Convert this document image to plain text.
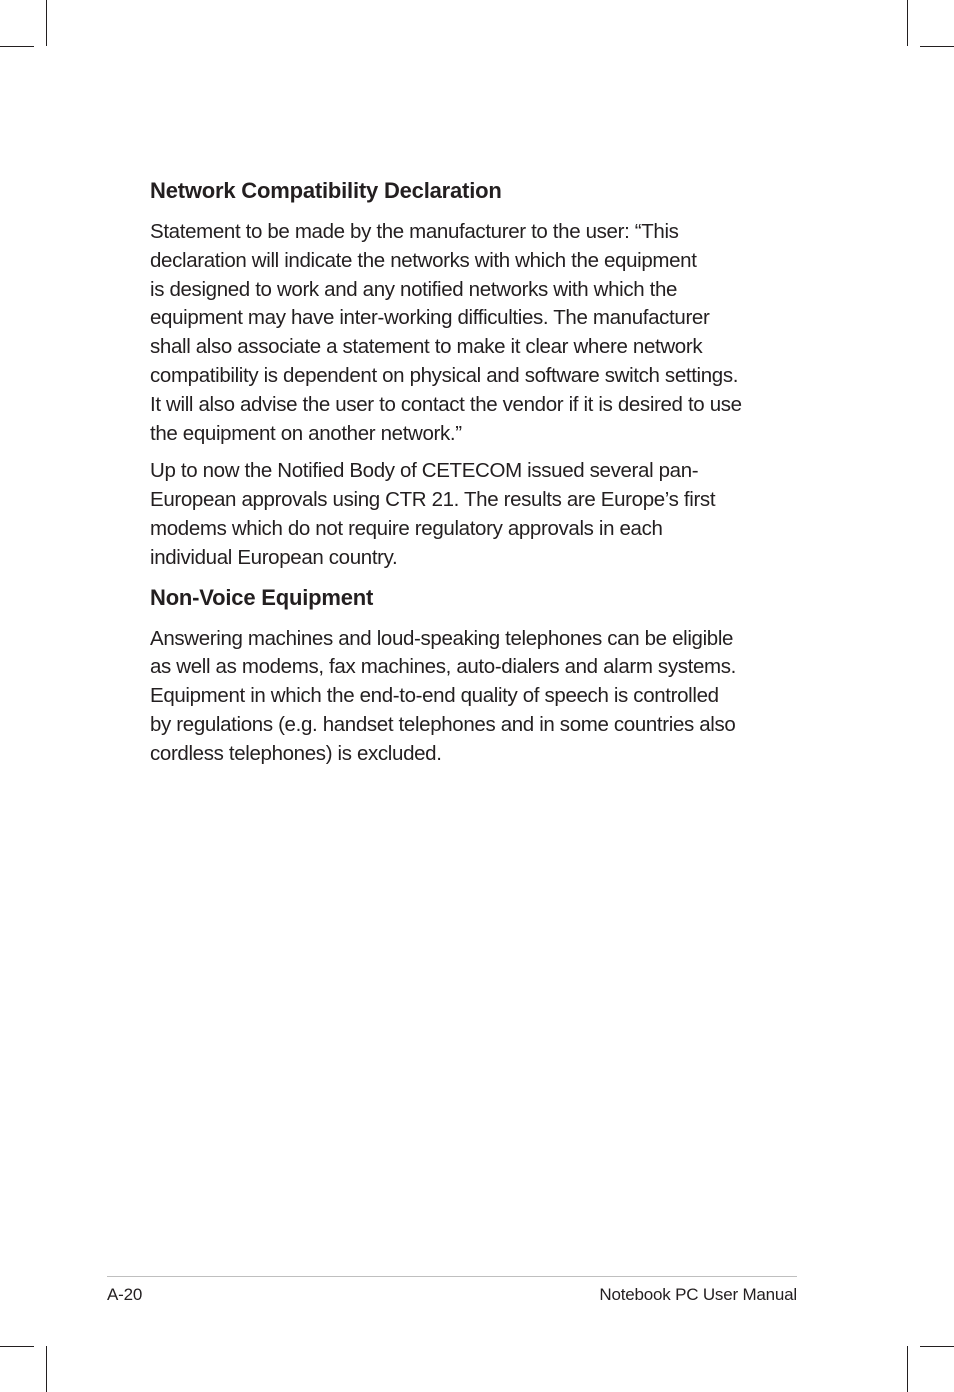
Network Compatibility Declaration

Statement to be made by the manufacturer to the user: “This
declaration will indicate the networks with which the equipment
is designed to work and any notified networks with which the
equipment may have inter-working difficulties. The manufacturer
shall also associate a statement to make it clear where network
compatibility is dependent on physical and software switch settings.
It will also advise the user to contact the vendor if it is desired to use
the equipment on another network.”

Up to now the Notified Body of CETECOM issued several pan-
European approvals using CTR 21. The results are Europe’s first
modems which do not require regulatory approvals in each
individual European country.

Non-Voice Equipment

Answering machines and loud-speaking telephones can be eligible
as well as modems, fax machines, auto-dialers and alarm systems.
Equipment in which the end-to-end quality of speech is controlled
by regulations (e.g. handset telephones and in some countries also
cordless telephones) is excluded.

A-20	Notebook PC User Manual
